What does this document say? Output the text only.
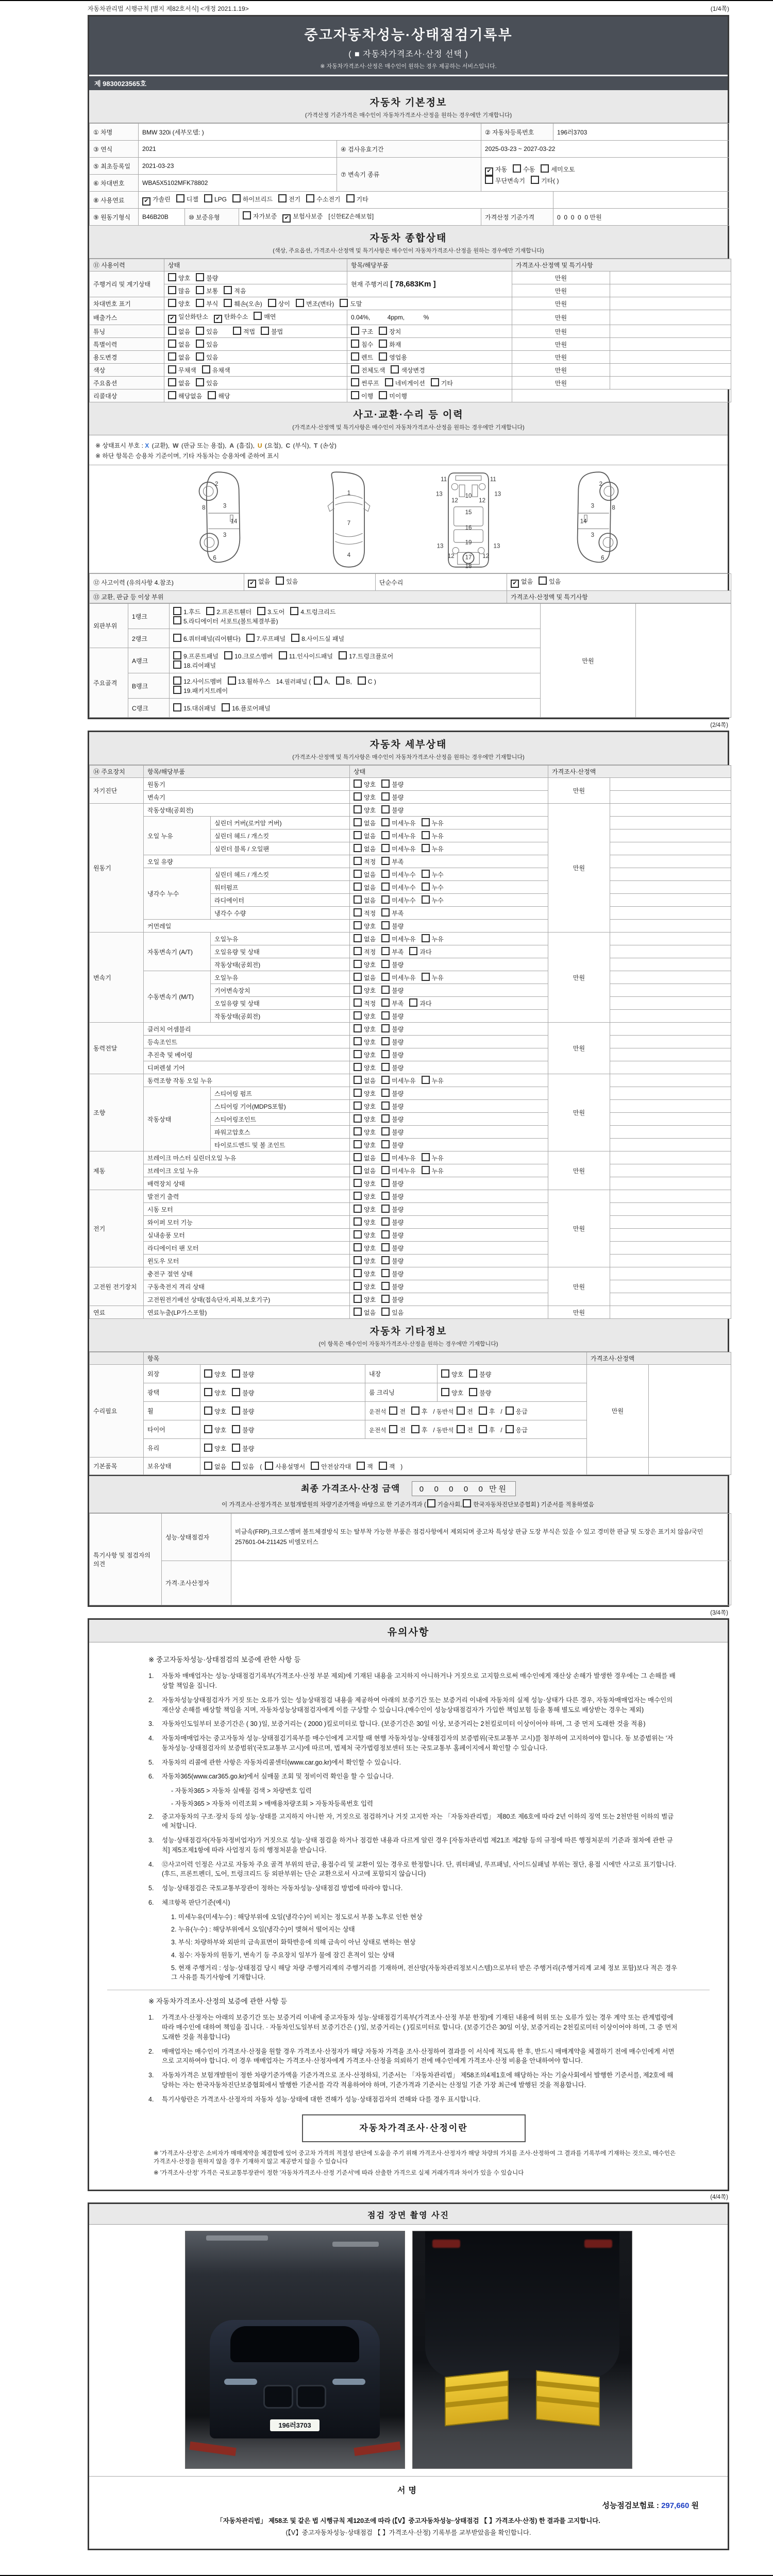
자동차관리법 시행규칙 [별지 제82호서식] <개정 2021.1.19>	(1/4쪽)
중고자동차성능·상태점검기록부
( ■ 자동차가격조사·산정 선택 )
※ 자동차가격조사·산정은 매수인이 원하는 경우 제공하는 서비스입니다.
제 9830023565호
자동차 기본정보
(가격산정 기준가격은 매수인이 자동차가격조사·산정을 원하는 경우에만 기재합니다)
① 차명	BMW 320i (세부모델: )				② 자동차등록번호	196러3703
③ 연식	2021			④ 검사유효기간	2025-03-23 ~ 2027-03-22	
⑤ 최초등록일	2021-03-23			⑦ 변속기 종류	✔ 자동 수동 세미오토
무단변속기 기타( )	
⑥ 차대번호	WBA5X5102MFK78802					
⑧ 사용연료	✔ 가솔린 디젤 LPG 하이브리드 전기 수소전기 기타					
⑨ 원동기형식	B46B20B	⑩ 보증유형	자가보증 ✔ 보험사보증 [신한EZ손해보험]		가격산정 기준가격	0  0  0  0  0 만원
자동차 종합상태
(색상, 주요옵션, 가격조사·산정액 및 특기사항은 매수인이 자동차가격조사·산정을 원하는 경우에만 기재합니다)
⑪ 사용이력	상태	항목/해당부품	가격조사·산정액 및 특기사항	
주행거리 및 계기상태	양호 불량	현재 주행거리 [ 78,683Km ]	만원	
	많음 보통 적음		만원	
차대번호 표기	양호 부식 훼손(오손) 상이 변조(변타) 도말		만원	
배출가스	✔ 일산화탄소 ✔ 탄화수소 매연	0.04%,          4ppm,           %	만원	
튜닝	없음 있음　 적법 불법	구조 장치	만원	
특별이력	없음 있음	침수 화재	만원	
용도변경	없음 있음	렌트 영업용	만원	
색상	무채색 유채색	전체도색 색상변경	만원	
주요옵션	없음 있음	썬루프 네비게이션 기타	만원	
리콜대상	해당없음 해당	이행 미이행		
사고·교환·수리 등 이력
(가격조사·산정액 및 특기사항은 매수인이 자동차가격조사·산정을 원하는 경우에만 기재합니다)
※ 상태표시 부호 : X (교환), W (판금 또는 용접), A (흠집), U (요철), C (부식), T (손상)
※ 하단 항목은 승용차 기준이며, 기타 자동차는 승용차에 준하여 표시
2
8	3
14
3
6
1
7
4
11	11
13	13
12	12
10
15
16
19
13	13
12	12
17
18
2
8
3
14
3
6
⑫ 사고이력 (유의사항 4.참조)	✔ 없음 있음	단순수리	✔ 없음 있음
⑬ 교환, 판금 등 이상 부위			가격조사·산정액 및 특기사항
외판부위	1랭크	1.후드 2.프론트휀더 3.도어 4.트렁크리드
5.라디에이터 서포트(볼트체결부품)	만원	
	2랭크	6.쿼터패널(리어휀다) 7.루프패널 8.사이드실 패널		
주요골격	A랭크	9.프론트패널 10.크로스멤버 11.인사이드패널 17.트렁크플로어
18.리어패널		
	B랭크	12.사이드멤버 13.휠하우스 14.필러패널 ( A, B, C )
19.패키지트레이		
	C랭크	15.대쉬패널 16.플로어패널		
(2/4쪽)
자동차 세부상태
(가격조사·산정액 및 특기사항은 매수인이 자동차가격조사·산정을 원하는 경우에만 기재합니다)
⑭ 주요장치	항목/해당부품		상태	가격조사·산정액	
자기진단	원동기		양호 불량	만원	
	변속기		양호 불량		
원동기	작동상태(공회전)		양호 불량	만원	
	오일 누유	실린더 커버(로커암 커버)	없음 미세누유 누유		
		실린더 헤드 / 개스킷	없음 미세누유 누유		
		실린더 블록 / 오일팬	없음 미세누유 누유		
	오일 유량		적정 부족		
	냉각수 누수	실린더 헤드 / 개스킷	없음 미세누수 누수		
		워터펌프	없음 미세누수 누수		
		라디에이터	없음 미세누수 누수		
		냉각수 수량	적정 부족		
	커먼레일		양호 불량		
변속기	자동변속기 (A/T)	오일누유	없음 미세누유 누유	만원	
		오일유량 및 상태	적정 부족 과다		
		작동상태(공회전)	양호 불량		
	수동변속기 (M/T)	오일누유	없음 미세누유 누유		
		기어변속장치	양호 불량		
		오일유량 및 상태	적정 부족 과다		
		작동상태(공회전)	양호 불량		
동력전달	클러치 어셈블리		양호 불량	만원	
	등속조인트		양호 불량		
	추진축 및 베어링		양호 불량		
	디퍼렌셜 기어		양호 불량		
조향	동력조향 작동 오일 누유		없음 미세누유 누유	만원	
	작동상태	스티어링 펌프	양호 불량		
		스티어링 기어(MDPS포함)	양호 불량		
		스티어링조인트	양호 불량		
		파워고압호스	양호 불량		
		타이로드엔드 및 볼 조인트	양호 불량		
제동	브레이크 마스터 실린더오일 누유		없음 미세누유 누유	만원	
	브레이크 오일 누유		없음 미세누유 누유		
	배력장치 상태		양호 불량		
전기	발전기 출력		양호 불량	만원	
	시동 모터		양호 불량		
	와이퍼 모터 기능		양호 불량		
	실내송풍 모터		양호 불량		
	라디에이터 팬 모터		양호 불량		
	윈도우 모터		양호 불량		
고전원 전기장치	충전구 절연 상태		양호 불량	만원	
	구동축전지 격리 상태		양호 불량		
	고전원전기배선 상태(접속단자,피복,보호기구)		양호 불량		
연료	연료누출(LP가스포함)		없음 있음	만원	
자동차 기타정보
(이 항목은 매수인이 자동차가격조사·산정을 원하는 경우에만 기재합니다)
	항목				가격조사·산정액	
수리필요	외장	양호 불량	내장	양호 불량	만원	
	광택	양호 불량	룸 크리닝	양호 불량		
	휠	양호 불량	운전석 전 후 / 동반석 전 후 / 응급			
	타이어	양호 불량	운전석 전 후 / 동반석 전 후 / 응급			
	유리	양호 불량				
기본품목	보유상태	없음 있음 ( 사용설명서 안전삼각대 잭 잭 )				
최종 가격조사·산정 금액 0  0  0  0  0 만원
이 가격조사·산정가격은 보험개발원의 차량기준가액을 바탕으로 한 기준가격과 ( 기술사회, 한국자동차진단보증협회 ) 기준서를 적용하였음
특기사항 및 점검자의 의견	성능·상태점검자	비금속(FRP),크로스멤버 볼트체결방식 또는 탈부착 가능한 부품은 점검사항에서 제외되며 중고차 특성상 판금 도장 부식은 있을 수 있고 경미한 판금 및 도장은 표기치 않음/국민 257601-04-211425 비엠모터스
	가격·조사산정자	
(3/4쪽)
유의사항
※ 중고자동차성능·상태점검의 보증에 관한 사항 등
1.	자동차 매매업자는 성능·상태점검기록부(가격조사·산정 부분 제외)에 기재된 내용을 고지하지 아니하거나 거짓으로 고지함으로써 매수인에게 재산상 손해가 발생한 경우에는 그 손해를 배상할 책임을 집니다.
2.	자동차성능상태점검자가 거짓 또는 오류가 있는 성능상태점검 내용을 제공하여 아래의 보증기간 또는 보증거리 이내에 자동차의 실제 성능·상태가 다른 경우, 자동차매매업자는 매수인의 재산상 손해를 배상할 책임을 지며, 자동차성능상태점검자에게 이를 구상할 수 있습니다.(매수인이 성능상태점검자가 가입한 책임보험 등을 통해 별도로 배상받는 경우는 제외)
3.	자동차인도일부터 보증기간은 ( 30 )일, 보증거리는 ( 2000 )킬로미터로 합니다. (보증기간은 30일 이상, 보증거리는 2천킬로미터 이상이어야 하며, 그 중 먼저 도래한 것을 적용)
4.	자동차매매업자는 중고자동차 성능·상태점검기록부를 매수인에게 고지할 때 현행 자동차성능·상태점검자의 보증범위(국토교통부 고시)를 첨부하여 고지하여야 합니다. 동 보증범위는 '자동차성능·상태점검자의 보증범위'(국토교통부 고시)에 따르며, 법제처 국가법령정보센터 또는 국토교통부 홈페이지에서 확인할 수 있습니다.
5.	자동차의 리콜에 관한 사항은 자동차리콜센터(www.car.go.kr)에서 확인할 수 있습니다.
6.	자동차365(www.car365.go.kr)에서 실매물 조회 및 정비이력 확인을 할 수 있습니다.
- 자동차365 > 자동차 실매물 검색 > 차량번호 입력
- 자동차365 > 자동차 이력조회 > 매매용차량조회 > 자동차등록번호 입력
2.	중고자동차의 구조·장치 등의 성능·상태를 고지하지 아니한 자, 거짓으로 점검하거나 거짓 고지한 자는 「자동차관리법」 제80조 제6호에 따라 2년 이하의 징역 또는 2천만원 이하의 벌금에 처합니다.
3.	성능·상태점검자(자동차정비업자)가 거짓으로 성능·상태 점검을 하거나 점검한 내용과 다르게 알린 경우 [자동차관리법 제21조 제2항 등의 규정에 따른 행정처분의 기준과 절차에 관한 규칙] 제5조제1항에 따라 사업정지 등의 행정처분을 받습니다.
4.	⑫사고이력 인정은 사고로 자동차 주요 골격 부위의 판금, 용접수리 및 교환이 있는 경우로 한정합니다. 단, 쿼터패널, 루프패널, 사이드실패널 부위는 절단, 용접 시에만 사고로 표기합니다. (후드, 프론트펜더, 도어, 트렁크리드 등 외판부위는 단순 교환으로서 사고에 포함되지 않습니다)
5.	성능·상태점검은 국토교통부장관이 정하는 자동차성능·상태점검 방법에 따라야 합니다.
6.	체크항목 판단기준(예시)
1. 미세누유(미세누수) : 해당부위에 오일(냉각수)이 비치는 정도로서 부품 노후로 인한 현상
2. 누유(누수) : 해당부위에서 오일(냉각수)이 맺혀서 떨어지는 상태
3. 부식: 차량하부와 외판의 금속표면이 화학반응에 의해 금속이 아닌 상태로 변하는 현상
4. 침수: 자동차의 원동기, 변속기 등 주요장치 일부가 물에 잠긴 흔적이 있는 상태
5. 현재 주행거리 : 성능·상태점검 당시 해당 차량 주행거리계의 주행거리를 기재하며, 전산망(자동차관리정보시스템)으로부터 받은 주행거리(주행거리계 교체 정보 포함)보다 적은 경우 그 사유를 특기사항에 기재합니다.
※ 자동차가격조사·산정의 보증에 관한 사항 등
1.	가격조사·산정자는 아래의 보증기간 또는 보증거리 이내에 중고자동차 성능·상태점검기록부(가격조사·산정 부분 한정)에 기재된 내용에 허위 또는 오류가 있는 경우 계약 또는 관계법령에 따라 매수인에 대하여 책임을 집니다. · 자동차인도일부터 보증기간은 ( )일, 보증거리는 ( )킬로미터로 합니다. (보증기간은 30일 이상, 보증거리는 2천킬로미터 이상이어야 하며, 그 중 먼저 도래한 것을 적용합니다)
2.	매매업자는 매수인이 가격조사·산정을 원할 경우 가격조사·산정자가 해당 자동차 가격을 조사·산정하여 결과를 이 서식에 적도록 한 후, 반드시 매매계약을 체결하기 전에 매수인에게 서면으로 고지하여야 합니다. 이 경우 매매업자는 가격조사·산정자에게 가격조사·산정을 의뢰하기 전에 매수인에게 가격조사·산정 비용을 안내하여야 합니다.
3.	자동차가격은 보험개발원이 정한 차량기준가액을 기준가격으로 조사·산정하되, 기준서는 「자동차관리법」 제58조의4제1호에 해당하는 자는 기술사회에서 발행한 기준서를, 제2호에 해당하는 자는 한국자동차진단보증협회에서 발행한 기준서를 각각 적용하여야 하며, 기준가격과 기준서는 산정일 기준 가장 최근에 발행된 것을 적용합니다.
4.	특기사항란은 가격조사·산정자의 자동차 성능·상태에 대한 견해가 성능·상태점검자의 견해와 다를 경우 표시합니다.
자동차가격조사·산정이란
※ '가격조사·산정'은 소비자가 매매계약을 체결함에 있어 중고차 가격의 적절성 판단에 도움을 주기 위해 가격조사·산정자가 해당 차량의 가치를 조사·산정하여 그 결과를 기록부에 기재하는 것으로, 매수인은 가격조사·산정을 원하지 않을 경우 기재하지 않고 제공받지 않을 수 있습니다
※ '가격조사·산정' 가격은 국토교통부장관이 정한 '자동차가격조사·산정 기준서'에 따라 산출한 가격으로 실제 거래가격과 차이가 있을 수 있습니다
(4/4쪽)
점검 장면 촬영 사진
196러3703
서명
성능점검보험료 : 297,660 원
「자동차관리법」 제58조 및 같은 법 시행규칙 제120조에 따라 (【V】중고자동차성능·상태점검 【 】가격조사·산정) 한 결과를 고지합니다.
(【V】중고자동차성능·상태점검 【 】가격조사·산정) 기록부를 교부받았음을 확인합니다.
